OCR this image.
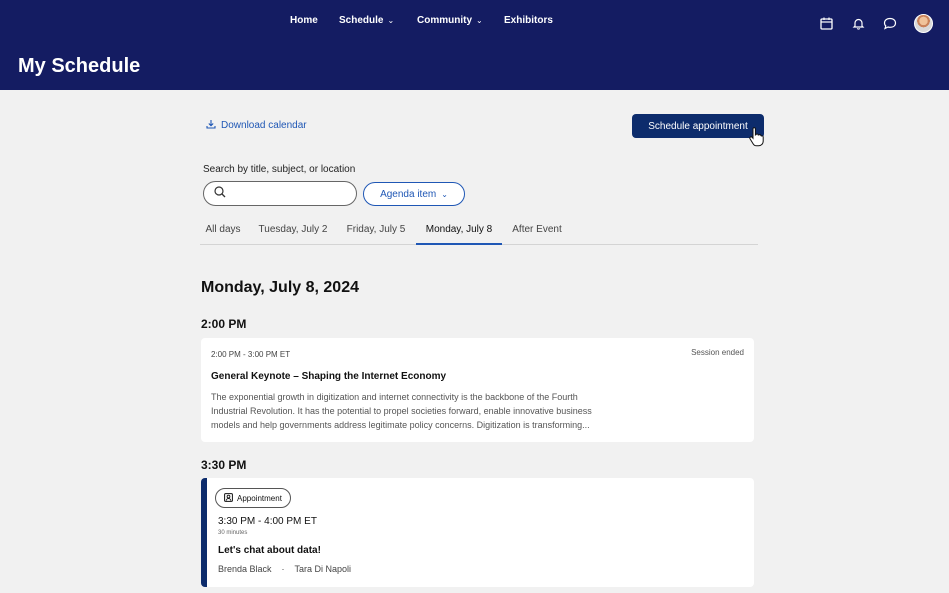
Home Schedule ⌄ Community ⌄ Exhibitors
My Schedule
Download calendar	Schedule appointment
Search by title, subject, or location
Agenda item ⌄
All days	Tuesday, July 2	Friday, July 5	Monday, July 8	After Event
Monday, July 8, 2024
2:00 PM
2:00 PM - 3:00 PM ET	Session ended
General Keynote – Shaping the Internet Economy
The exponential growth in digitization and internet connectivity is the backbone of the Fourth
Industrial Revolution. It has the potential to propel societies forward, enable innovative business
models and help governments address legitimate policy concerns. Digitization is transforming...
3:30 PM
Appointment
3:30 PM - 4:00 PM ET
30 minutes
Let's chat about data!
Brenda Black · Tara Di Napoli
